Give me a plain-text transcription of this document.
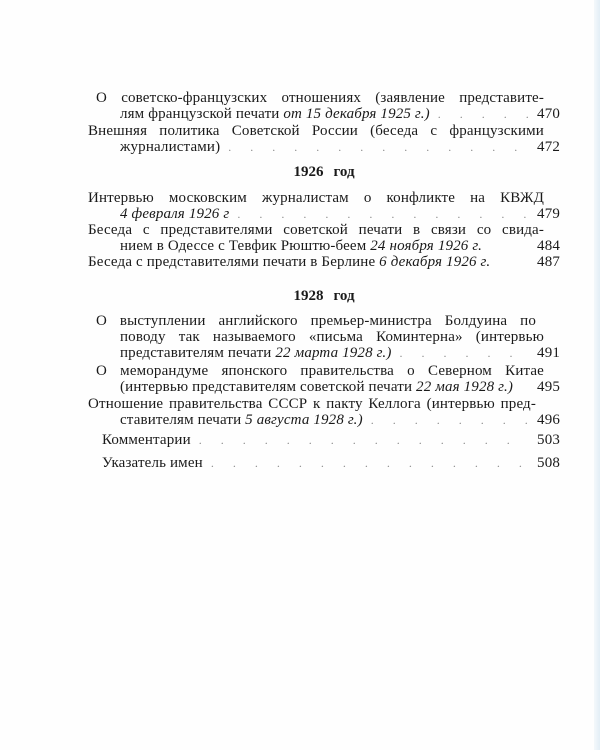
О советско-французских отношениях (заявление представите-
лям французской печати
от 15 декабря 1925 г.) . . .	470
Внешняя политика Советской России (беседа с французскими
журналистами) . . .	472
1926 год
Интервью московским журналистам о конфликте на КВЖД
4 февраля 1926 г . . .	479
Беседа с представителями советской печати в связи со свида-
нием в Одессе с Тевфик Рюштю-беем
24 ноября 1926 г.	484
Беседа с представителями печати в Берлине
6 декабря 1926 г.	487
1928 год
О выступлении английского премьер-министра Болдуина по
поводу так называемого «письма Коминтерна» (интервью
представителям печати
22 марта 1928 г.) . . .	491
О меморандуме японского правительства о Северном Китае
(интервью представителям советской печати
22 мая 1928 г.) 495
Отношение правительства СССР к пакту Келлога (интервью пред-
ставителям печати
5 августа 1928 г.) . . .	496
Комментарии . . .	503
Указатель имен . . .	508
